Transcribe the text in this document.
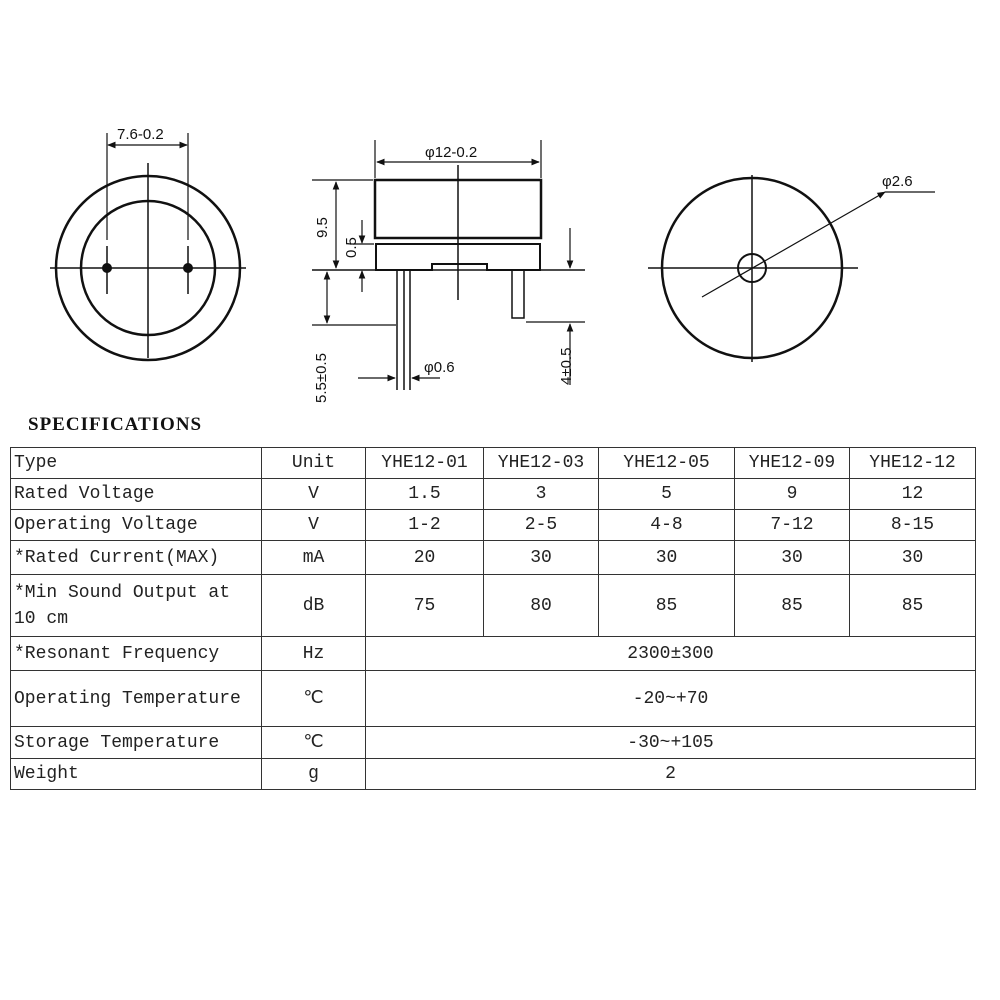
7.6-0.2
φ12-0.2
9.5
0.5
5.5±0.5	φ0.6	4±0.5
φ2.6
SPECIFICATIONS
Type	Unit	YHE12-01	YHE12-03	YHE12-05	YHE12-09	YHE12-12
Rated Voltage	V	1.5	3	5	9	12
Operating Voltage	V	1-2	2-5	4-8	7-12	8-15
*Rated Current(MAX)	mA	20	30	30	30	30
*Min Sound Output at 10 cm	dB	75	80	85	85	85
*Resonant Frequency	Hz	2300±300				
Operating Temperature	℃	-20~+70				
Storage Temperature	℃	-30~+105				
Weight	g	2				
